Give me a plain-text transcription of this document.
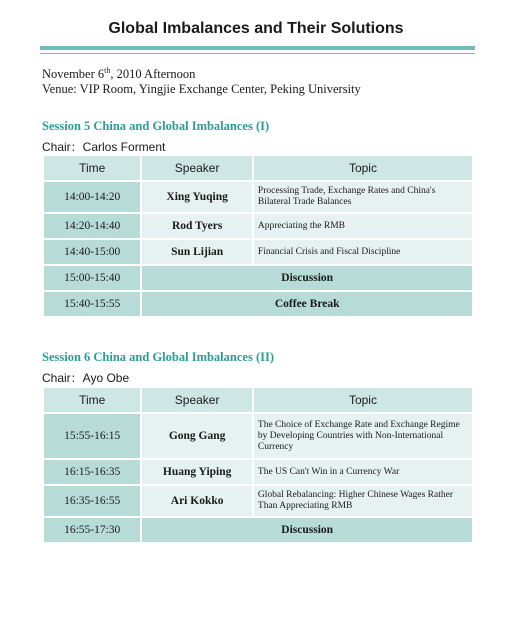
Global Imbalances and Their Solutions
November 6th, 2010 Afternoon
Venue: VIP Room, Yingjie Exchange Center, Peking University
Session 5 China and Global Imbalances (I)
Chair：Carlos Forment
Time	Speaker	Topic
14:00-14:20	Xing Yuqing	Processing Trade, Exchange Rates and China's Bilateral Trade Balances
14:20-14:40	Rod Tyers	Appreciating the RMB
14:40-15:00	Sun Lijian	Financial Crisis and Fiscal Discipline
15:00-15:40	Discussion	
15:40-15:55	Coffee Break	
Session 6 China and Global Imbalances (II)
Chair：Ayo Obe
Time	Speaker	Topic
15:55-16:15	Gong Gang	The Choice of Exchange Rate and Exchange Regime by Developing Countries with Non-International Currency
16:15-16:35	Huang Yiping	The US Can't Win in a Currency War
16:35-16:55	Ari Kokko	Global Rebalancing: Higher Chinese Wages Rather Than Appreciating RMB
16:55-17:30	Discussion	
